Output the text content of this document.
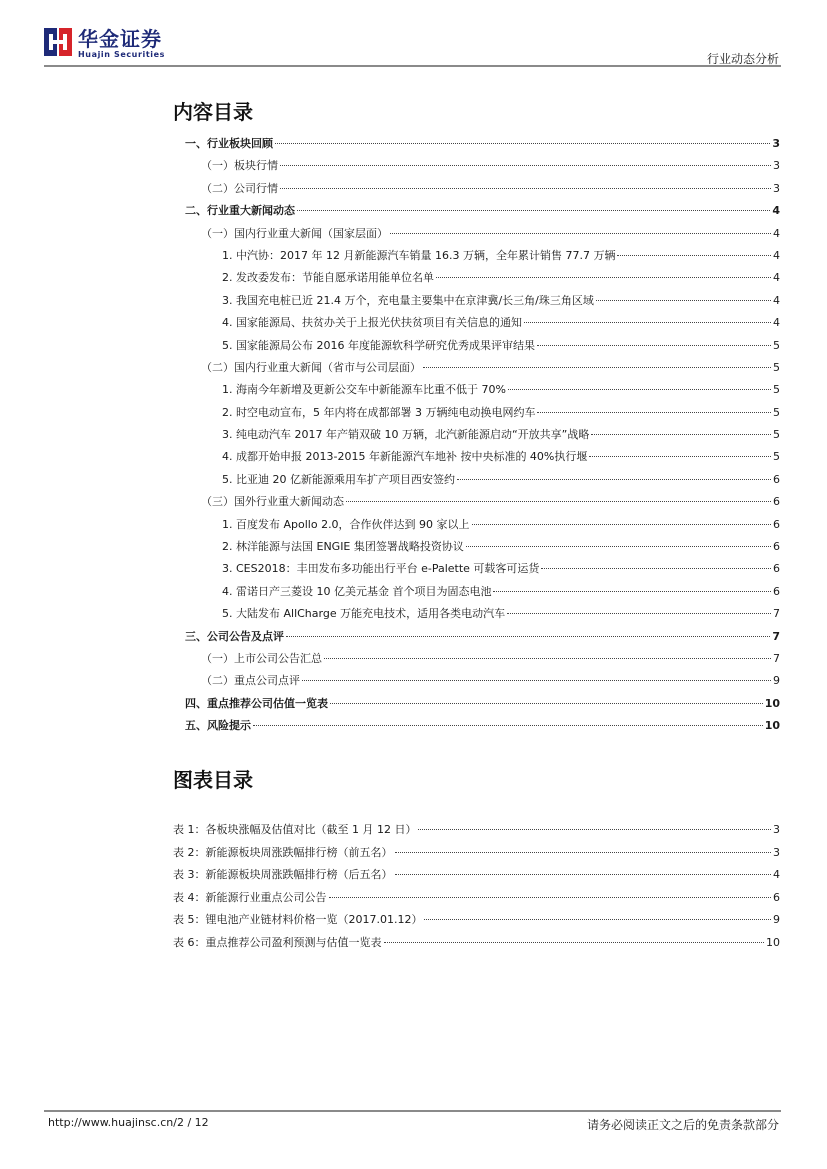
华金证券
Huajin Securities	行业动态分析
内容目录
一、行业板块回顾	3
（一）板块行情	3
（二）公司行情	3
二、行业重大新闻动态	4
（一）国内行业重大新闻（国家层面）	4
1. 中汽协：2017 年 12 月新能源汽车销量 16.3 万辆，全年累计销售 77.7 万辆	4
2. 发改委发布：节能自愿承诺用能单位名单	4
3. 我国充电桩已近 21.4 万个，充电量主要集中在京津冀/长三角/珠三角区域	4
4. 国家能源局、扶贫办关于上报光伏扶贫项目有关信息的通知	4
5. 国家能源局公布 2016 年度能源软科学研究优秀成果评审结果	5
（二）国内行业重大新闻（省市与公司层面）	5
1. 海南今年新增及更新公交车中新能源车比重不低于 70%	5
2. 时空电动宣布，5 年内将在成都部署 3 万辆纯电动换电网约车	5
3. 纯电动汽车 2017 年产销双破 10 万辆，北汽新能源启动“开放共享”战略	5
4. 成都开始申报 2013-2015 年新能源汽车地补 按中央标准的 40%执行堰	5
5. 比亚迪 20 亿新能源乘用车扩产项目西安签约	6
（三）国外行业重大新闻动态	6
1. 百度发布 Apollo 2.0，合作伙伴达到 90 家以上	6
2. 林洋能源与法国 ENGIE 集团签署战略投资协议	6
3. CES2018：丰田发布多功能出行平台 e-Palette 可载客可运货	6
4. 雷诺日产三菱设 10 亿美元基金 首个项目为固态电池	6
5. 大陆发布 AllCharge 万能充电技术，适用各类电动汽车	7
三、公司公告及点评	7
（一）上市公司公告汇总	7
（二）重点公司点评	9
四、重点推荐公司估值一览表	10
五、风险提示	10
图表目录
表 1：各板块涨幅及估值对比（截至 1 月 12 日）	3
表 2：新能源板块周涨跌幅排行榜（前五名）	3
表 3：新能源板块周涨跌幅排行榜（后五名）	4
表 4：新能源行业重点公司公告	6
表 5：锂电池产业链材料价格一览（2017.01.12）	9
表 6：重点推荐公司盈利预测与估值一览表	10
http://www.huajinsc.cn/2 / 12	请务必阅读正文之后的免责条款部分
